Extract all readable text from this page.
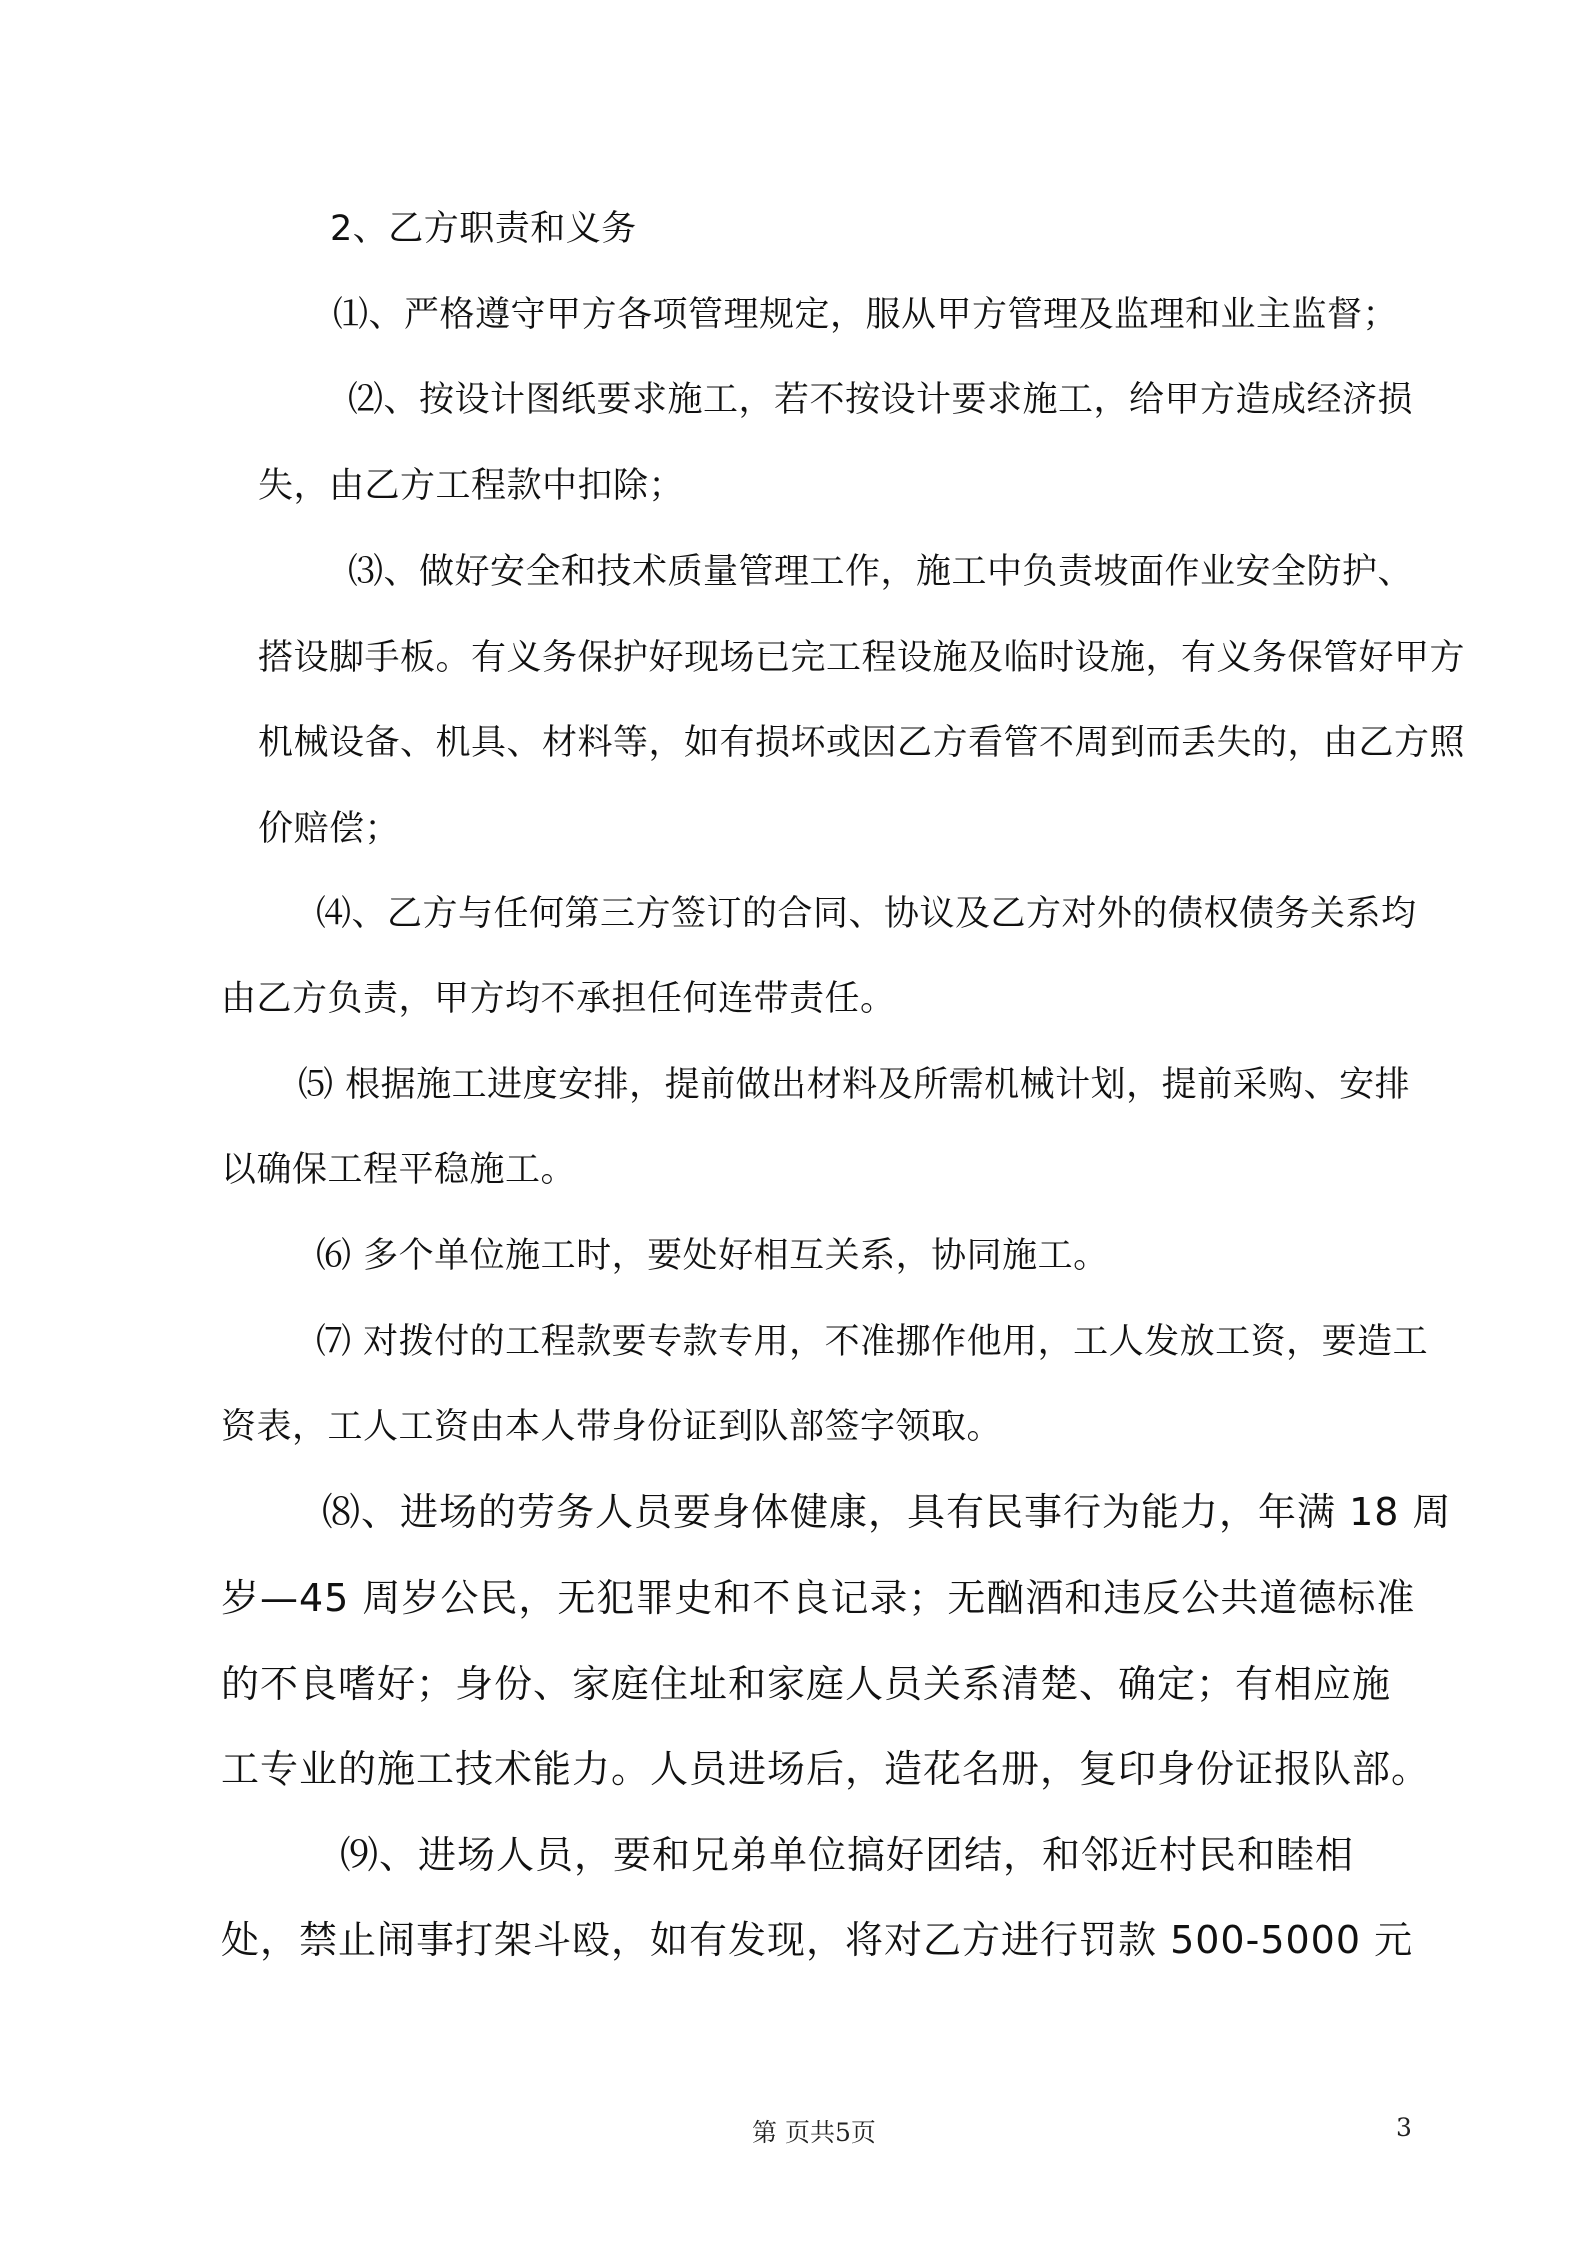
2、乙方职责和义务
⑴、严格遵守甲方各项管理规定，服从甲方管理及监理和业主监督；
⑵、按设计图纸要求施工，若不按设计要求施工，给甲方造成经济损
失，由乙方工程款中扣除；
⑶、做好安全和技术质量管理工作，施工中负责坡面作业安全防护、
搭设脚手板。有义务保护好现场已完工程设施及临时设施，有义务保管好甲方
机械设备、机具、材料等，如有损坏或因乙方看管不周到而丢失的，由乙方照
价赔偿；
⑷、乙方与任何第三方签订的合同、协议及乙方对外的债权债务关系均
由乙方负责，甲方均不承担任何连带责任。
⑸ 根据施工进度安排，提前做出材料及所需机械计划，提前采购、安排
以确保工程平稳施工。
⑹ 多个单位施工时，要处好相互关系，协同施工。
⑺ 对拨付的工程款要专款专用，不准挪作他用，工人发放工资，要造工
资表，工人工资由本人带身份证到队部签字领取。
⑻、进场的劳务人员要身体健康，具有民事行为能力，年满 18 周
岁—45 周岁公民，无犯罪史和不良记录；无酗酒和违反公共道德标准
的不良嗜好；身份、家庭住址和家庭人员关系清楚、确定；有相应施
工专业的施工技术能力。人员进场后，造花名册，复印身份证报队部。
⑼、进场人员，要和兄弟单位搞好团结，和邻近村民和睦相
处，禁止闹事打架斗殴，如有发现，将对乙方进行罚款 500-5000 元
第 页共5页	3
